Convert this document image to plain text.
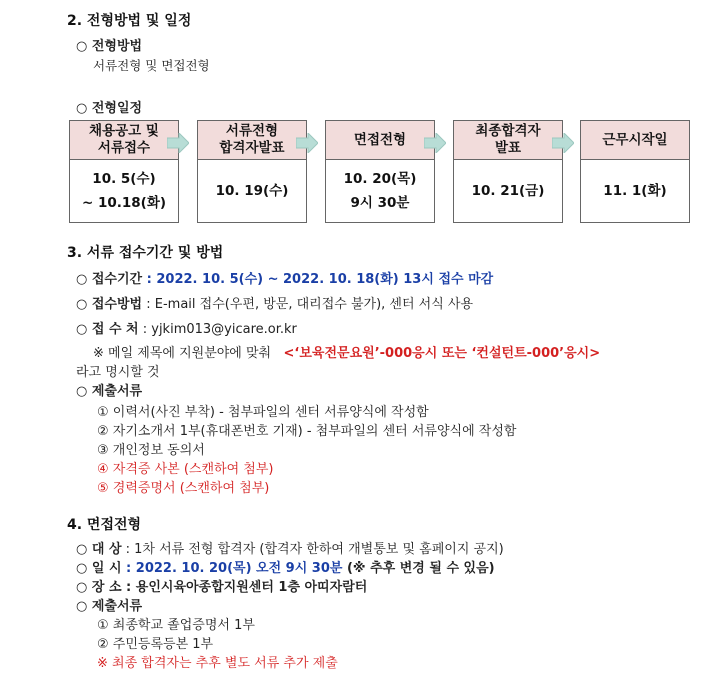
2. 전형방법 및 일정
○ 전형방법
서류전형 및 면접전형
○ 전형일정
채용공고 및
서류접수
10. 5(수)
~ 10.18(화)
서류전형
합격자발표
10. 19(수)
면접전형
10. 20(목)
9시 30분
최종합격자
발표
10. 21(금)
근무시작일
11. 1(화)
3. 서류 접수기간 및 방법
○ 접수기간 : 2022. 10. 5(수) ~ 2022. 10. 18(화) 13시 접수 마감
○ 접수방법 : E-mail 접수(우편, 방문, 대리접수 불가), 센터 서식 사용
○ 접 수 처 : yjkim013@yicare.or.kr
※ 메일 제목에 지원분야에 맞춰 <‘보육전문요원’-000응시 또는 ‘컨설턴트-000’응시>
라고 명시할 것
○ 제출서류
① 이력서(사진 부착) - 첨부파일의 센터 서류양식에 작성함
② 자기소개서 1부(휴대폰번호 기재) - 첨부파일의 센터 서류양식에 작성함
③ 개인정보 동의서
④ 자격증 사본 (스캔하여 첨부)
⑤ 경력증명서 (스캔하여 첨부)
4. 면접전형
○ 대 상 : 1차 서류 전형 합격자 (합격자 한하여 개별통보 및 홈페이지 공지)
○ 일 시 : 2022. 10. 20(목) 오전 9시 30분 (※ 추후 변경 될 수 있음)
○ 장 소 : 용인시육아종합지원센터 1층 아띠자람터
○ 제출서류
① 최종학교 졸업증명서 1부
② 주민등록등본 1부
※ 최종 합격자는 추후 별도 서류 추가 제출
